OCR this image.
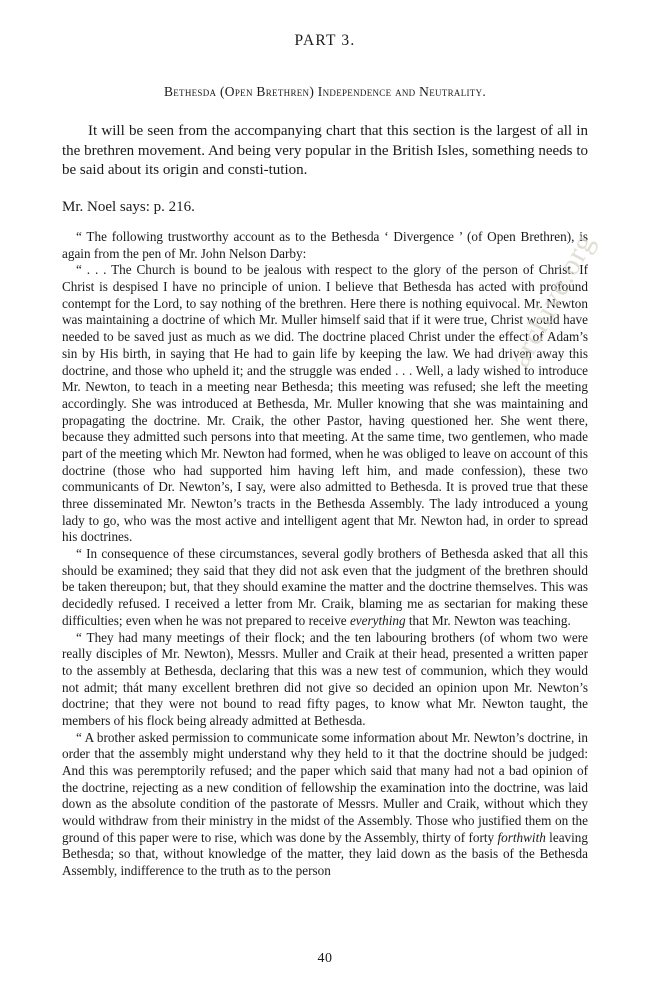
archive.org
PART 3.
Bethesda (Open Brethren) Independence and Neutrality.

It will be seen from the accompanying chart that this section is the largest of all in the brethren movement. And being very popular in the British Isles, something needs to be said about its origin and consti-tution.

Mr. Noel says: p. 216.

“ The following trustworthy account as to the Bethesda ‘ Divergence ’ (of Open Brethren), is again from the pen of Mr. John Nelson Darby:

“ . . . The Church is bound to be jealous with respect to the glory of the person of Christ. If Christ is despised I have no principle of union. I believe that Bethesda has acted with profound contempt for the Lord, to say nothing of the brethren. Here there is nothing equivocal. Mr. Newton was maintaining a doctrine of which Mr. Muller himself said that if it were true, Christ would have needed to be saved just as much as we did. The doctrine placed Christ under the effect of Adam’s sin by His birth, in saying that He had to gain life by keeping the law. We had driven away this doctrine, and those who upheld it; and the struggle was ended . . . Well, a lady wished to introduce Mr. Newton, to teach in a meeting near Bethesda; this meeting was refused; she left the meeting accordingly. She was introduced at Bethesda, Mr. Muller knowing that she was maintaining and propagating the doctrine. Mr. Craik, the other Pastor, having questioned her. She went there, because they admitted such persons into that meeting. At the same time, two gentlemen, who made part of the meeting which Mr. Newton had formed, when he was obliged to leave on account of this doctrine (those who had supported him having left him, and made confession), these two communicants of Dr. Newton’s, I say, were also admitted to Bethesda. It is proved true that these three disseminated Mr. Newton’s tracts in the Bethesda Assembly. The lady introduced a young lady to go, who was the most active and intelligent agent that Mr. Newton had, in order to spread his doctrines.

“ In consequence of these circumstances, several godly brothers of Bethesda asked that all this should be examined; they said that they did not ask even that the judgment of the brethren should be taken thereupon; but, that they should examine the matter and the doctrine themselves. This was decidedly refused. I received a letter from Mr. Craik, blaming me as sectarian for making these difficulties; even when he was not prepared to receive everything that Mr. Newton was teaching.

“ They had many meetings of their flock; and the ten labouring brothers (of whom two were really disciples of Mr. Newton), Messrs. Muller and Craik at their head, presented a written paper to the assembly at Bethesda, declaring that this was a new test of communion, which they would not admit; thát many excellent brethren did not give so decided an opinion upon Mr. Newton’s doctrine; that they were not bound to read fifty pages, to know what Mr. Newton taught, the members of his flock being already admitted at Bethesda.

“ A brother asked permission to communicate some information about Mr. Newton’s doctrine, in order that the assembly might understand why they held to it that the doctrine should be judged: And this was peremptorily refused; and the paper which said that many had not a bad opinion of the doctrine, rejecting as a new condition of fellowship the examination into the doctrine, was laid down as the absolute condition of the pastorate of Messrs. Muller and Craik, without which they would withdraw from their ministry in the midst of the Assembly. Those who justified them on the ground of this paper were to rise, which was done by the Assembly, thirty of forty forthwith leaving Bethesda; so that, without knowledge of the matter, they laid down as the basis of the Bethesda Assembly, indifference to the truth as to the person

40
